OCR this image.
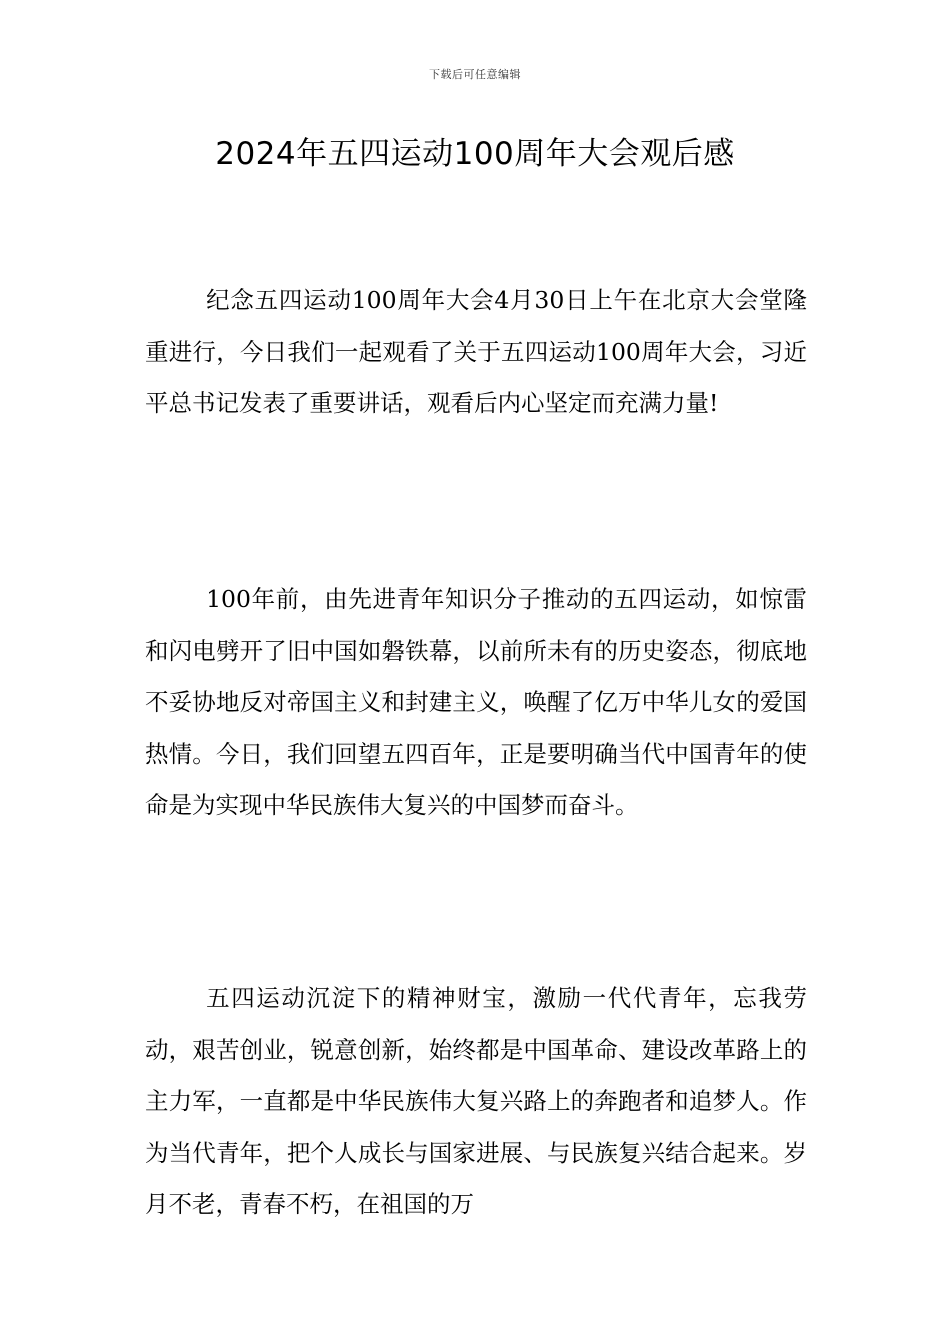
下载后可任意编辑
2024年五四运动100周年大会观后感

纪念五四运动100周年大会4月30日上午在北京大会堂隆重进行，今日我们一起观看了关于五四运动100周年大会，习近平总书记发表了重要讲话，观看后内心坚定而充满力量!

100年前，由先进青年知识分子推动的五四运动，如惊雷和闪电劈开了旧中国如磐铁幕，以前所未有的历史姿态，彻底地不妥协地反对帝国主义和封建主义，唤醒了亿万中华儿女的爱国热情。今日，我们回望五四百年，正是要明确当代中国青年的使命是为实现中华民族伟大复兴的中国梦而奋斗。

五四运动沉淀下的精神财宝，激励一代代青年，忘我劳动，艰苦创业，锐意创新，始终都是中国革命、建设改革路上的主力军，一直都是中华民族伟大复兴路上的奔跑者和追梦人。作为当代青年，把个人成长与国家进展、与民族复兴结合起来。岁月不老，青春不朽，在祖国的万
